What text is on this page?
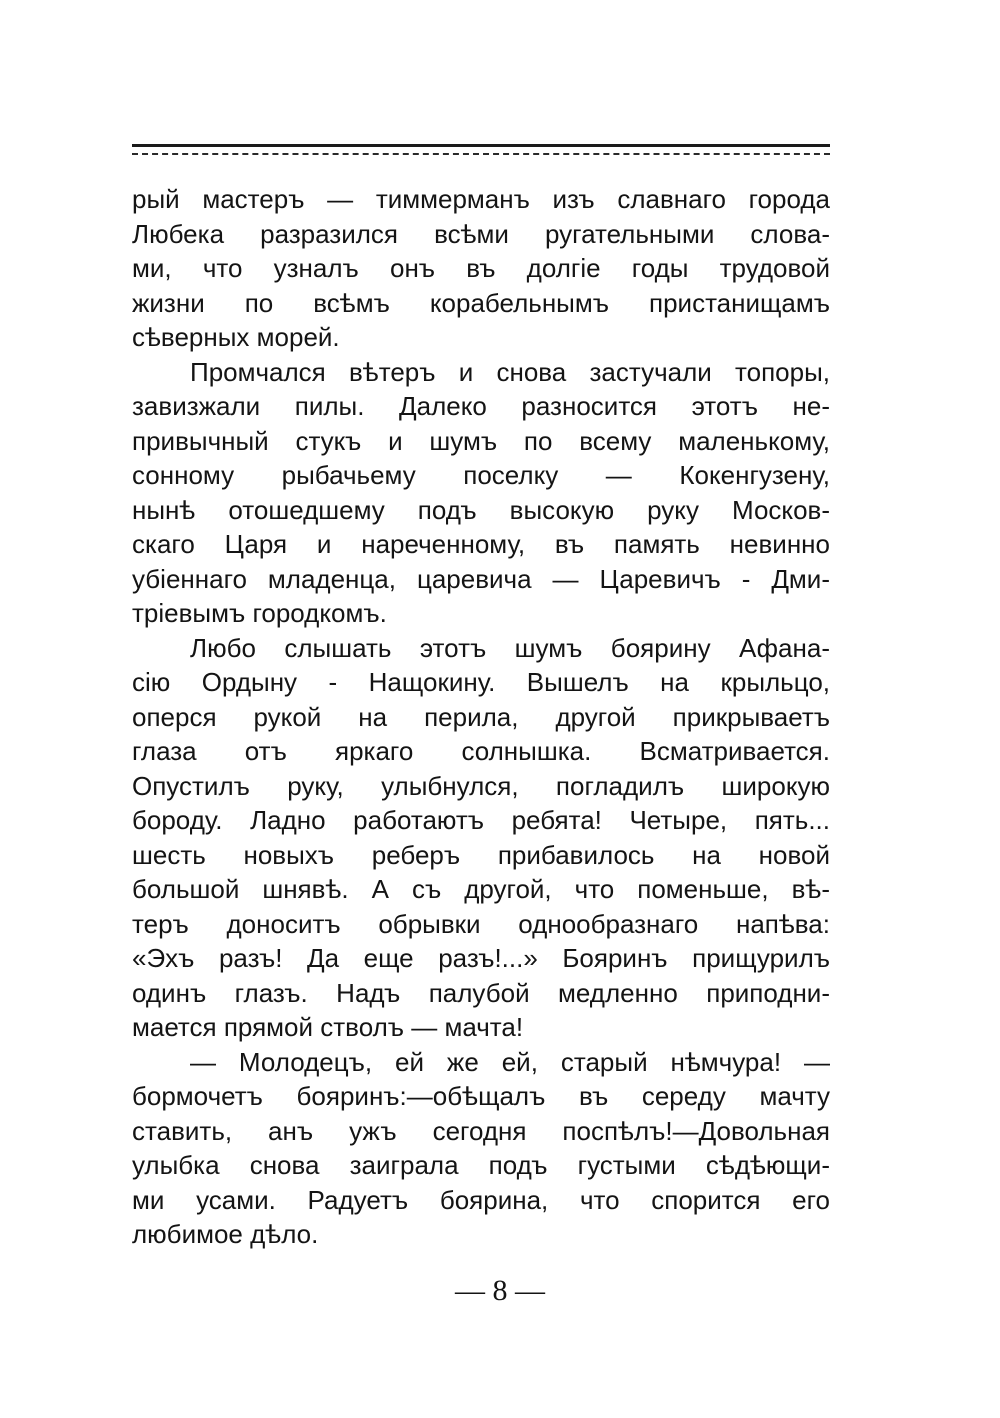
рый мастеръ — тиммерманъ изъ славнаго города
Любека разразился всѣми ругательными слова-
ми, что узналъ онъ въ долгіе годы трудовой
жизни по всѣмъ корабельнымъ пристанищамъ
сѣверных морей.
Промчался вѣтеръ и снова застучали топоры,
завизжали пилы. Далеко разносится этотъ не-
привычный стукъ и шумъ по всему маленькому,
сонному рыбачьему поселку — Кокенгузену,
нынѣ отошедшему подъ высокую руку Москов-
скаго Царя и нареченному, въ память невинно
убіеннаго младенца, царевича — Царевичъ - Дми-
тріевымъ городкомъ.
Любо слышать этотъ шумъ боярину Афана-
сію Ордыну - Нащокину. Вышелъ на крыльцо,
оперся рукой на перила, другой прикрываетъ
глаза отъ яркаго солнышка. Всматривается.
Опустилъ руку, улыбнулся, погладилъ широкую
бороду. Ладно работаютъ ребята! Четыре, пять...
шесть новыхъ реберъ прибавилось на новой
большой шнявѣ. А съ другой, что поменьше, вѣ-
теръ доноситъ обрывки однообразнаго напѣва:
«Эхъ разъ! Да еще разъ!...» Бояринъ прищурилъ
одинъ глазъ. Надъ палубой медленно приподни-
мается прямой стволъ — мачта!
— Молодецъ, ей же ей, старый нѣмчура! —
бормочетъ бояринъ:—обѣщалъ въ середу мачту
ставить, анъ ужъ сегодня поспѣлъ!—Довольная
улыбка снова заиграла подъ густыми сѣдѣющи-
ми усами. Радуетъ боярина, что спорится его
любимое дѣло.
— 8 —
